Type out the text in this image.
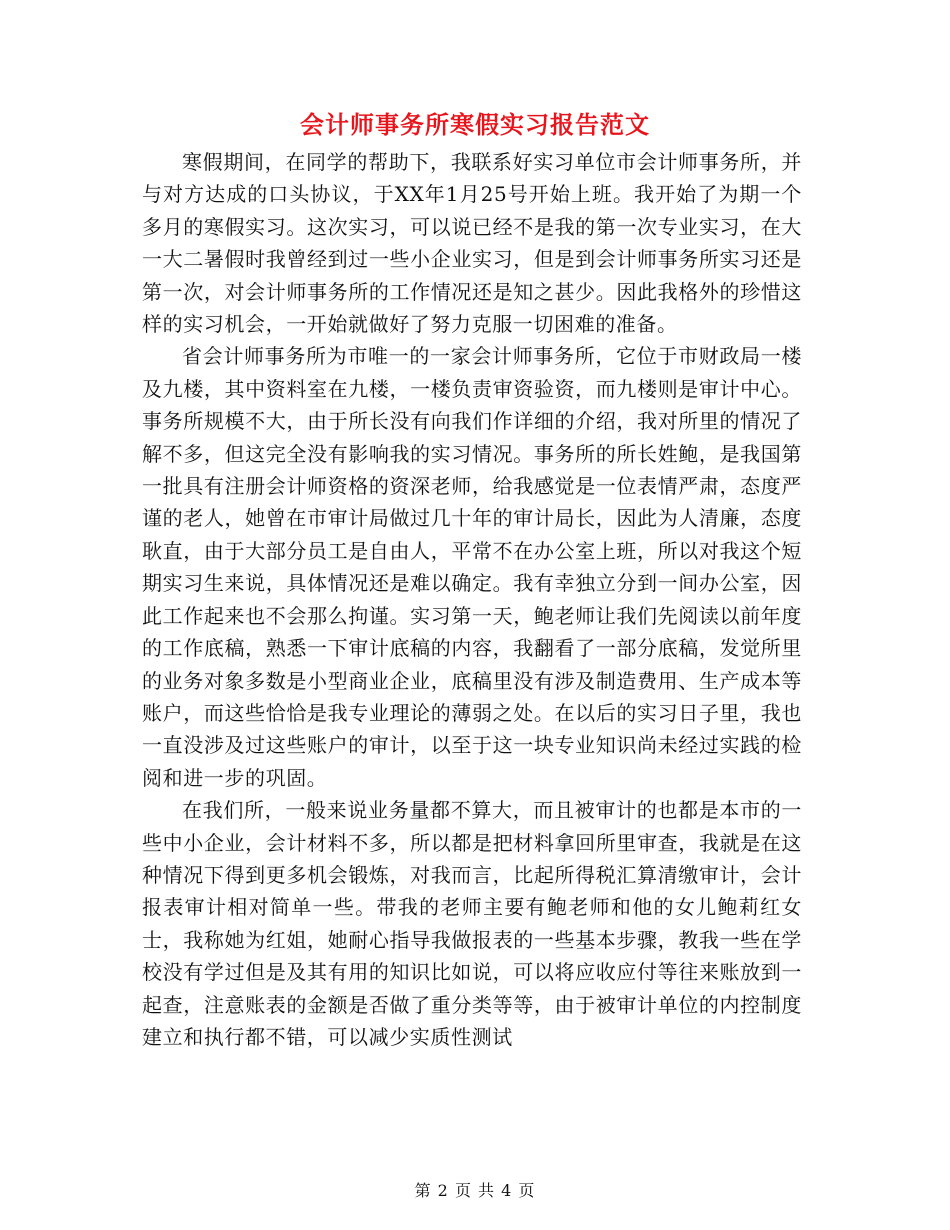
会计师事务所寒假实习报告范文

寒假期间，在同学的帮助下，我联系好实习单位市会计师事务所，并与对方达成的口头协议，于XX年1月25号开始上班。我开始了为期一个多月的寒假实习。这次实习，可以说已经不是我的第一次专业实习，在大一大二暑假时我曾经到过一些小企业实习，但是到会计师事务所实习还是第一次，对会计师事务所的工作情况还是知之甚少。因此我格外的珍惜这样的实习机会，一开始就做好了努力克服一切困难的准备。

省会计师事务所为市唯一的一家会计师事务所，它位于市财政局一楼及九楼，其中资料室在九楼，一楼负责审资验资，而九楼则是审计中心。事务所规模不大，由于所长没有向我们作详细的介绍，我对所里的情况了解不多，但这完全没有影响我的实习情况。事务所的所长姓鲍，是我国第一批具有注册会计师资格的资深老师，给我感觉是一位表情严肃，态度严谨的老人，她曾在市审计局做过几十年的审计局长，因此为人清廉，态度耿直，由于大部分员工是自由人，平常不在办公室上班，所以对我这个短期实习生来说，具体情况还是难以确定。我有幸独立分到一间办公室，因此工作起来也不会那么拘谨。实习第一天，鲍老师让我们先阅读以前年度的工作底稿，熟悉一下审计底稿的内容，我翻看了一部分底稿，发觉所里的业务对象多数是小型商业企业，底稿里没有涉及制造费用、生产成本等账户，而这些恰恰是我专业理论的薄弱之处。在以后的实习日子里，我也一直没涉及过这些账户的审计，以至于这一块专业知识尚未经过实践的检阅和进一步的巩固。

在我们所，一般来说业务量都不算大，而且被审计的也都是本市的一些中小企业，会计材料不多，所以都是把材料拿回所里审查，我就是在这种情况下得到更多机会锻炼，对我而言，比起所得税汇算清缴审计，会计报表审计相对简单一些。带我的老师主要有鲍老师和他的女儿鲍莉红女士，我称她为红姐，她耐心指导我做报表的一些基本步骤，教我一些在学校没有学过但是及其有用的知识比如说，可以将应收应付等往来账放到一起查，注意账表的金额是否做了重分类等等，由于被审计单位的内控制度建立和执行都不错，可以减少实质性测试

第 2 页 共 4 页
